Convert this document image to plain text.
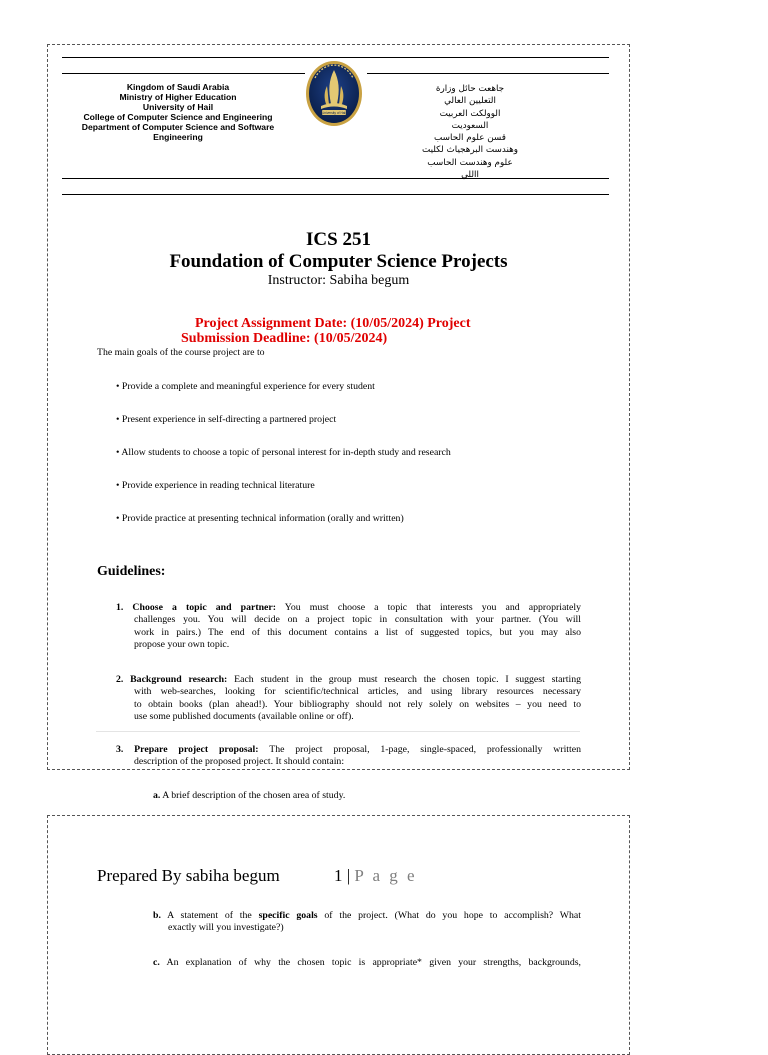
Kingdom of Saudi Arabia
Ministry of Higher Education
University of Hail
College of Computer Science and Engineering
Department of Computer Science and Software
Engineering
University of Hail
جاهعت حائل وزارة
التعليين العالي
الوولكت العربيت
السعوديت
قسن علوم الحاسب
وهندست البرهجياث لكليت
علوم وهندست الحاسب
االلي
ICS 251
Foundation of Computer Science Projects
Instructor: Sabiha begum
Project Assignment Date: (10/05/2024) Project
Submission Deadline: (10/05/2024)
The main goals of the course project are to
• Provide a complete and meaningful experience for every student
• Present experience in self-directing a partnered project
• Allow students to choose a topic of personal interest for in-depth study and research
• Provide experience in reading technical literature
• Provide practice at presenting technical information (orally and written)
Guidelines:
1. Choose a topic and partner: You must choose a topic that interests you and appropriately
challenges you. You will decide on a project topic in consultation with your partner. (You will
work in pairs.) The end of this document contains a list of suggested topics, but you may also
propose your own topic.
2. Background research: Each student in the group must research the chosen topic. I suggest starting
with web-searches, looking for scientific/technical articles, and using library resources necessary
to obtain books (plan ahead!). Your bibliography should not rely solely on websites – you need to
use some published documents (available online or off).
3. Prepare project proposal: The project proposal, 1-page, single-spaced, professionally written
description of the proposed project. It should contain:
a. A brief description of the chosen area of study.
Prepared By sabiha begum	1 | P a g e
b. A statement of the specific goals of the project. (What do you hope to accomplish? What
exactly will you investigate?)
c. An explanation of why the chosen topic is appropriate* given your strengths, backgrounds,
